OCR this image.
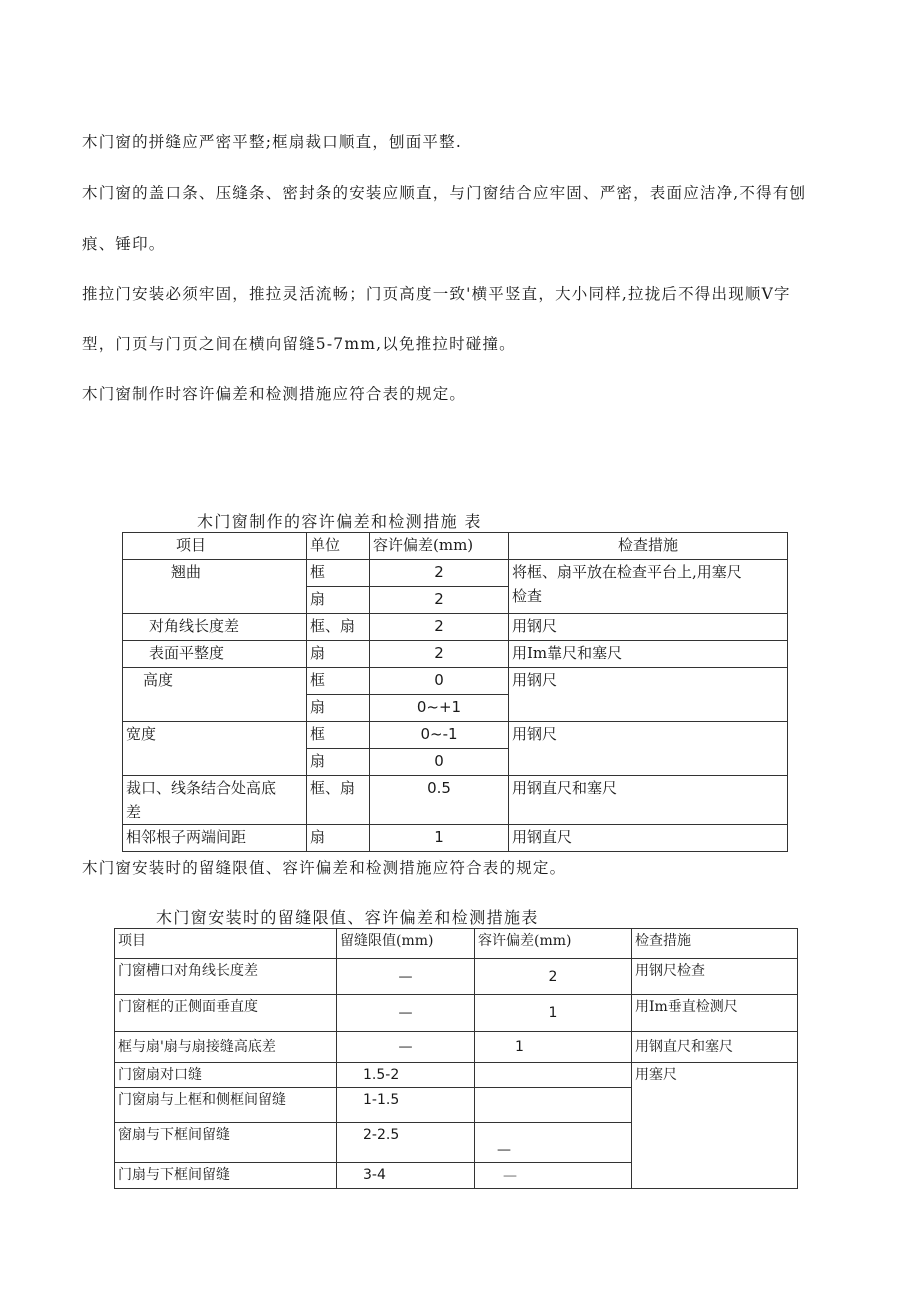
木门窗的拼缝应严密平整;框扇裁口顺直，刨面平整.
木门窗的盖口条、压缝条、密封条的安装应顺直，与门窗结合应牢固、严密，表面应洁净,不得有刨
痕、锤印。
推拉门安装必须牢固，推拉灵活流畅；门页高度一致'横平竖直，大小同样,拉拢后不得出现顺V字
型，门页与门页之间在横向留缝5-7mm,以免推拉时碰撞。
木门窗制作时容许偏差和检测措施应符合表的规定。
木门窗制作的容许偏差和检测措施 表
项目	单位	容许偏差(mm)	检查措施
翘曲	框	2	将框、扇平放在检查平台上,用塞尺
检查

	扇	2	
对角线长度差	框、扇	2	用钢尺
表面平整度	扇	2	用Im靠尺和塞尺
高度	框	0	用钢尺
	扇	0~+1	
宽度	框	0~-1	用钢尺
	扇	0	

裁口、线条结合处高底
差	框、扇	0.5	用钢直尺和塞尺
相邻根子两端间距	扇	1	用钢直尺
木门窗安装时的留缝限值、容许偏差和检测措施应符合表的规定。
木门窗安装时的留缝限值、容许偏差和检测措施表
项目	留缝限值(mm)	容许偏差(mm)	检查措施
门窗槽口对角线长度差	—	2	用钢尺检查
门窗框的正侧面垂直度	—	1	用Im垂直检测尺
框与扇'扇与扇接缝高底差	—	1	用钢直尺和塞尺
门窗扇对口缝	1.5-2		用塞尺
门窗扇与上框和侧框间留缝	1-1.5		
窗扇与下框间留缝	2-2.5	—	
门扇与下框间留缝	3-4	—	
